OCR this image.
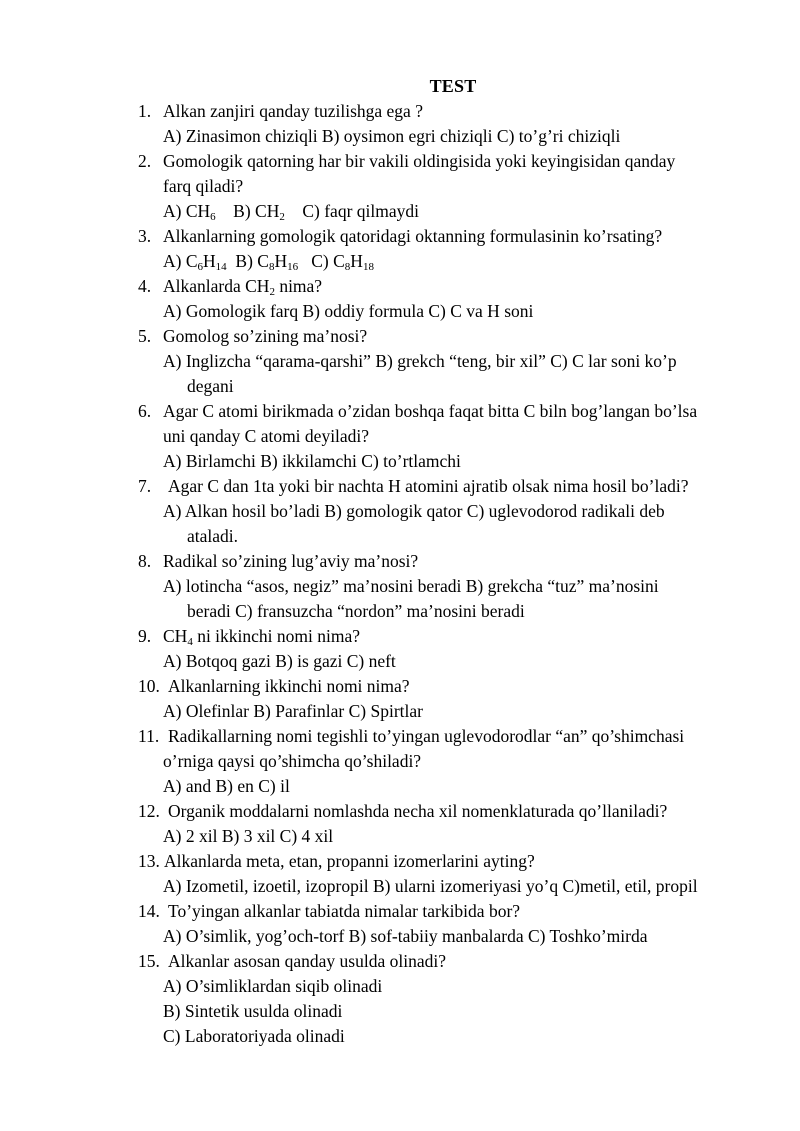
TEST
1. Alkan zanjiri qanday tuzilishga ega ?
A) Zinasimon chiziqli B) oysimon egri chiziqli C) to’g’ri chiziqli
2. Gomologik qatorning har bir vakili oldingisida yoki keyingisidan qanday
farq qiladi?
A) $CH_6$ B) $CH_2$ C) faqr qilmaydi
3. Alkanlarning gomologik qatoridagi oktanning formulasinin ko’rsating?
A) $C_6H_{14}$ B) $C_8H_{16}$ C) $C_8H_{18}$
4. Alkanlarda $CH_2$ nima?
A) Gomologik farq B) oddiy formula C) C va H soni
5. Gomolog so’zining ma’nosi?
A) Inglizcha “qarama-qarshi” B) grekch “teng, bir xil” C) C lar soni ko’p
degani
6. Agar C atomi birikmada o’zidan boshqa faqat bitta C biln bog’langan bo’lsa
uni qanday C atomi deyiladi?
A) Birlamchi B) ikkilamchi C) to’rtlamchi
7. Agar C dan 1ta yoki bir nachta H atomini ajratib olsak nima hosil bo’ladi?
A) Alkan hosil bo’ladi B) gomologik qator C) uglevodorod radikali deb
ataladi.
8. Radikal so’zining lug’aviy ma’nosi?
A) lotincha “asos, negiz” ma’nosini beradi B) grekcha “tuz” ma’nosini
beradi C) fransuzcha “nordon” ma’nosini beradi
9. $CH_4$ ni ikkinchi nomi nima?
A) Botqoq gazi B) is gazi C) neft
10. Alkanlarning ikkinchi nomi nima?
A) Olefinlar B) Parafinlar C) Spirtlar
11. Radikallarning nomi tegishli to’yingan uglevodorodlar “an” qo’shimchasi
o’rniga qaysi qo’shimcha qo’shiladi?
A) and B) en C) il
12. Organik moddalarni nomlashda necha xil nomenklaturada qo’llaniladi?
A) 2 xil B) 3 xil C) 4 xil
13. Alkanlarda meta, etan, propanni izomerlarini ayting?
A) Izometil, izoetil, izopropil B) ularni izomeriyasi yo’q C)metil, etil, propil
14. To’yingan alkanlar tabiatda nimalar tarkibida bor?
A) O’simlik, yog’och-torf B) sof-tabiiy manbalarda C) Toshko’mirda
15. Alkanlar asosan qanday usulda olinadi?
A) O’simliklardan siqib olinadi
B) Sintetik usulda olinadi
C) Laboratoriyada olinadi
